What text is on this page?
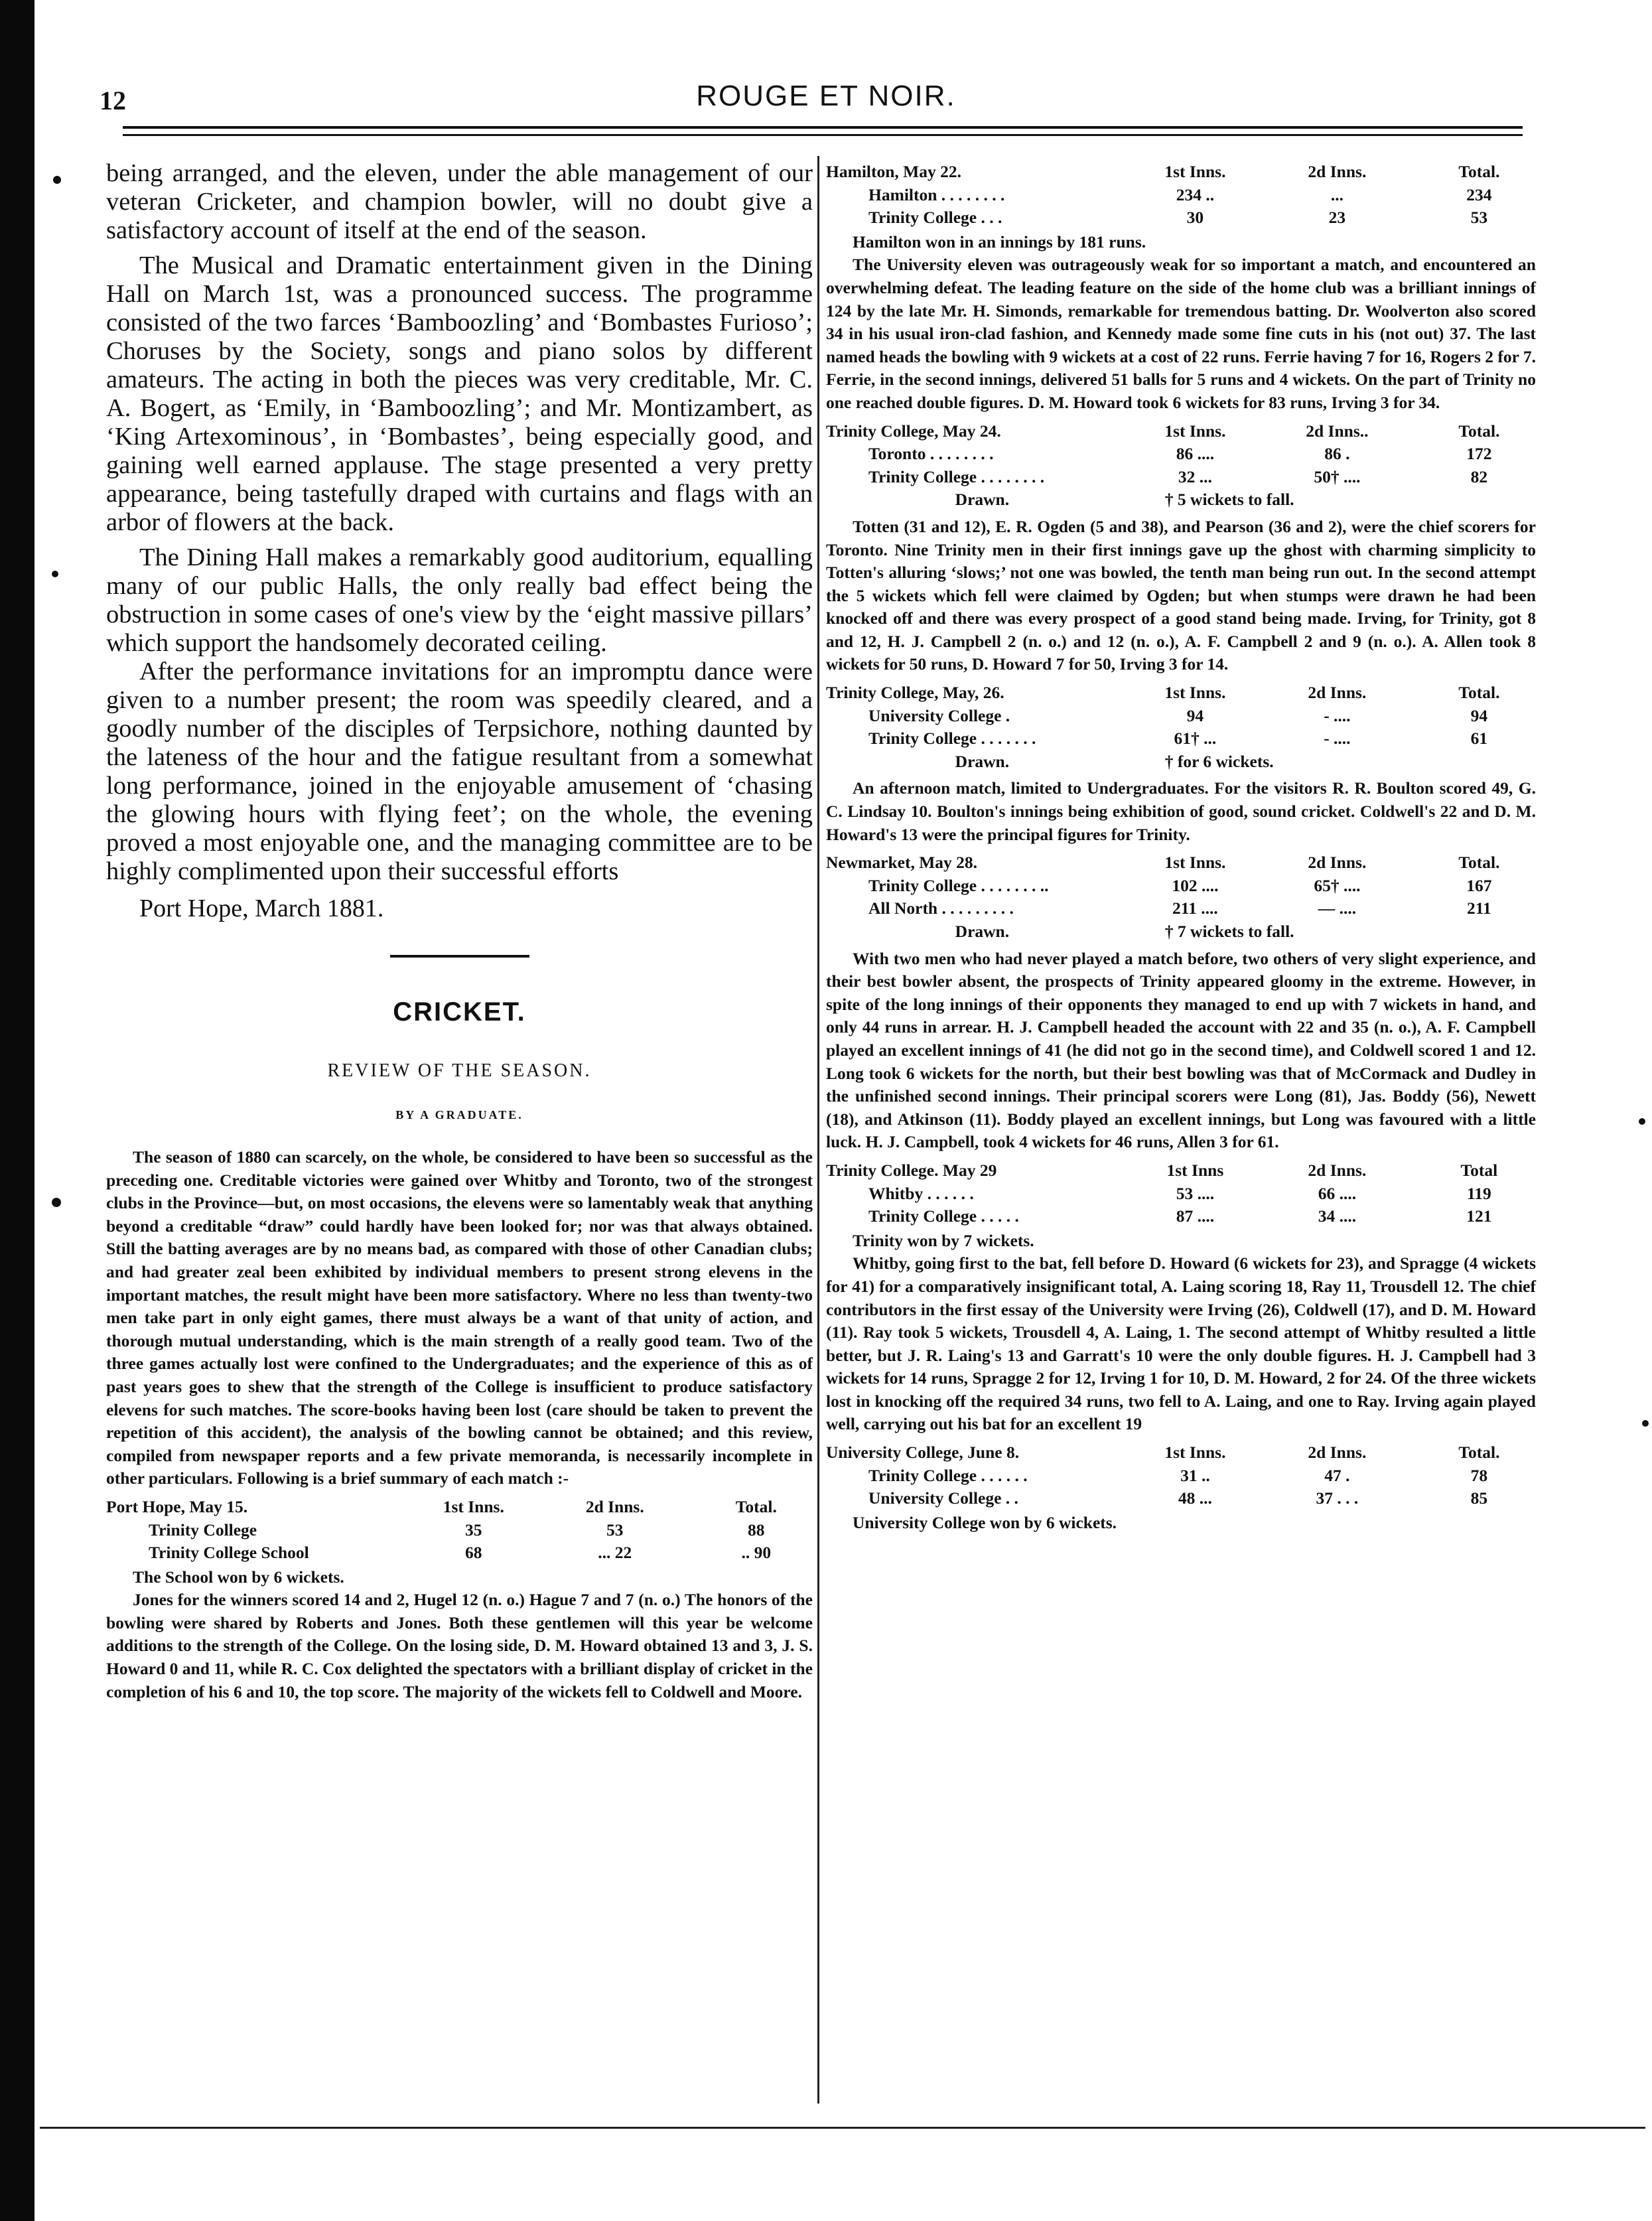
12	ROUGE ET NOIR.

being arranged, and the eleven, under the able management of our veteran Cricketer, and champion bowler, will no doubt give a satisfactory account of itself at the end of the season.

The Musical and Dramatic entertainment given in the Dining Hall on March 1st, was a pronounced success. The programme consisted of the two farces ‘Bamboozling’ and ‘Bombastes Furioso’; Choruses by the Society, songs and piano solos by different amateurs. The acting in both the pieces was very creditable, Mr. C. A. Bogert, as ‘Emily, in ‘Bamboozling’; and Mr. Montizambert, as ‘King Artexominous’, in ‘Bombastes’, being especially good, and gaining well earned applause. The stage presented a very pretty appearance, being tastefully draped with curtains and flags with an arbor of flowers at the back.

The Dining Hall makes a remarkably good auditorium, equalling many of our public Halls, the only really bad effect being the obstruction in some cases of one's view by the ‘eight massive pillars’ which support the handsomely decorated ceiling.

After the performance invitations for an impromptu dance were given to a number present; the room was speedily cleared, and a goodly number of the disciples of Terpsichore, nothing daunted by the lateness of the hour and the fatigue resultant from a somewhat long performance, joined in the enjoyable amusement of ‘chasing the glowing hours with flying feet’; on the whole, the evening proved a most enjoyable one, and the managing committee are to be highly complimented upon their successful efforts

Port Hope, March 1881.
CRICKET.
REVIEW OF THE SEASON.
BY A GRADUATE.

The season of 1880 can scarcely, on the whole, be considered to have been so successful as the preceding one. Creditable victories were gained over Whitby and Toronto, two of the strongest clubs in the Province—but, on most occasions, the elevens were so lamentably weak that anything beyond a creditable “draw” could hardly have been looked for; nor was that always obtained. Still the batting averages are by no means bad, as compared with those of other Canadian clubs; and had greater zeal been exhibited by individual members to present strong elevens in the important matches, the result might have been more satisfactory. Where no less than twenty-two men take part in only eight games, there must always be a want of that unity of action, and thorough mutual understanding, which is the main strength of a really good team. Two of the three games actually lost were confined to the Undergraduates; and the experience of this as of past years goes to shew that the strength of the College is insufficient to produce satisfactory elevens for such matches. The score-books having been lost (care should be taken to prevent the repetition of this accident), the analysis of the bowling cannot be obtained; and this review, compiled from newspaper reports and a few private memoranda, is necessarily incomplete in other particulars. Following is a brief summary of each match :-

Port Hope, May 15.	1st Inns.	2d Inns.	Total.
Trinity College	35	53	88
Trinity College School	68	... 22	.. 90
The School won by 6 wickets.

Jones for the winners scored 14 and 2, Hugel 12 (n. o.) Hague 7 and 7 (n. o.) The honors of the bowling were shared by Roberts and Jones. Both these gentlemen will this year be welcome additions to the strength of the College. On the losing side, D. M. Howard obtained 13 and 3, J. S. Howard 0 and 11, while R. C. Cox delighted the spectators with a brilliant display of cricket in the completion of his 6 and 10, the top score. The majority of the wickets fell to Coldwell and Moore.

Hamilton, May 22.	1st Inns.	2d Inns.	Total.
Hamilton . . . . . . . .	234 ..	...	234
Trinity College . . .	30	23	53
Hamilton won in an innings by 181 runs.

The University eleven was outrageously weak for so important a match, and encountered an overwhelming defeat. The leading feature on the side of the home club was a brilliant innings of 124 by the late Mr. H. Simonds, remarkable for tremendous batting. Dr. Woolverton also scored 34 in his usual iron-clad fashion, and Kennedy made some fine cuts in his (not out) 37. The last named heads the bowling with 9 wickets at a cost of 22 runs. Ferrie having 7 for 16, Rogers 2 for 7. Ferrie, in the second innings, delivered 51 balls for 5 runs and 4 wickets. On the part of Trinity no one reached double figures. D. M. Howard took 6 wickets for 83 runs, Irving 3 for 34.

Trinity College, May 24.	1st Inns.	2d Inns..	Total.
Toronto . . . . . . . .	86 ....	86 .	172
Trinity College . . . . . . . .	32 ...	50† ....	82
Drawn.	† 5 wickets to fall.		

Totten (31 and 12), E. R. Ogden (5 and 38), and Pearson (36 and 2), were the chief scorers for Toronto. Nine Trinity men in their first innings gave up the ghost with charming simplicity to Totten's alluring ‘slows;’ not one was bowled, the tenth man being run out. In the second attempt the 5 wickets which fell were claimed by Ogden; but when stumps were drawn he had been knocked off and there was every prospect of a good stand being made. Irving, for Trinity, got 8 and 12, H. J. Campbell 2 (n. o.) and 12 (n. o.), A. F. Campbell 2 and 9 (n. o.). A. Allen took 8 wickets for 50 runs, D. Howard 7 for 50, Irving 3 for 14.

Trinity College, May, 26.	1st Inns.	2d Inns.	Total.
University College .	94	- ....	94
Trinity College . . . . . . .	61† ...	- ....	61
Drawn.	† for 6 wickets.		

An afternoon match, limited to Undergraduates. For the visitors R. R. Boulton scored 49, G. C. Lindsay 10. Boulton's innings being exhibition of good, sound cricket. Coldwell's 22 and D. M. Howard's 13 were the principal figures for Trinity.

Newmarket, May 28.	1st Inns.	2d Inns.	Total.
Trinity College . . . . . . . ..	102 ....	65† ....	167
All North . . . . . . . . .	211 ....	— ....	211
Drawn.	† 7 wickets to fall.		

With two men who had never played a match before, two others of very slight experience, and their best bowler absent, the prospects of Trinity appeared gloomy in the extreme. However, in spite of the long innings of their opponents they managed to end up with 7 wickets in hand, and only 44 runs in arrear. H. J. Campbell headed the account with 22 and 35 (n. o.), A. F. Campbell played an excellent innings of 41 (he did not go in the second time), and Coldwell scored 1 and 12. Long took 6 wickets for the north, but their best bowling was that of McCormack and Dudley in the unfinished second innings. Their principal scorers were Long (81), Jas. Boddy (56), Newett (18), and Atkinson (11). Boddy played an excellent innings, but Long was favoured with a little luck. H. J. Campbell, took 4 wickets for 46 runs, Allen 3 for 61.

Trinity College. May 29	1st Inns	2d Inns.	Total
Whitby . . . . . .	53 ....	66 ....	119
Trinity College . . . . .	87 ....	34 ....	121
Trinity won by 7 wickets.

Whitby, going first to the bat, fell before D. Howard (6 wickets for 23), and Spragge (4 wickets for 41) for a comparatively insignificant total, A. Laing scoring 18, Ray 11, Trousdell 12. The chief contributors in the first essay of the University were Irving (26), Coldwell (17), and D. M. Howard (11). Ray took 5 wickets, Trousdell 4, A. Laing, 1. The second attempt of Whitby resulted a little better, but J. R. Laing's 13 and Garratt's 10 were the only double figures. H. J. Campbell had 3 wickets for 14 runs, Spragge 2 for 12, Irving 1 for 10, D. M. Howard, 2 for 24. Of the three wickets lost in knocking off the required 34 runs, two fell to A. Laing, and one to Ray. Irving again played well, carrying out his bat for an excellent 19

University College, June 8.	1st Inns.	2d Inns.	Total.
Trinity College . . . . . .	31 ..	47 .	78
University College . .	48 ...	37 . . .	85
University College won by 6 wickets.
